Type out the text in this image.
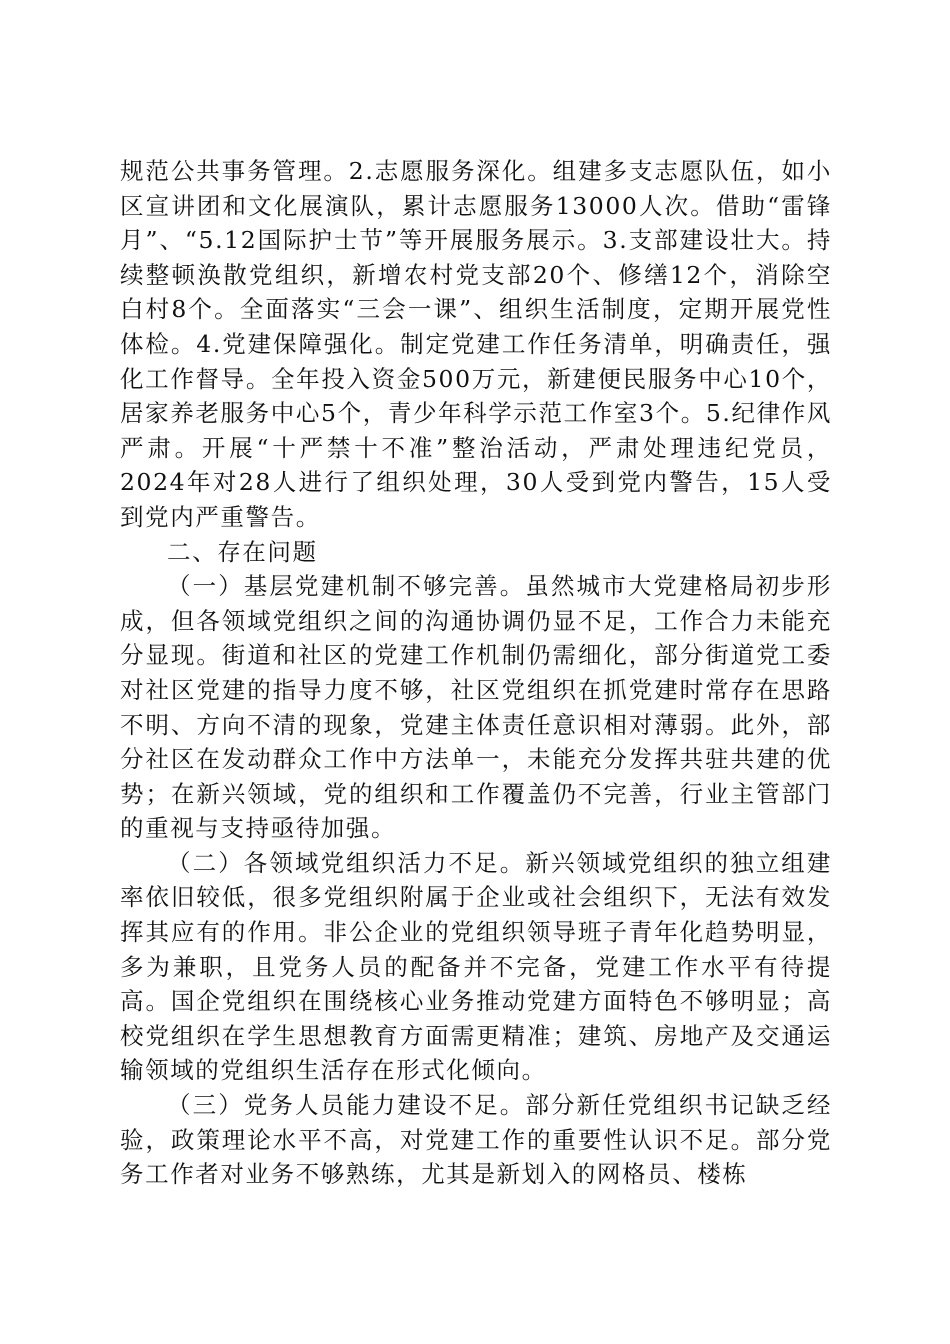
规范公共事务管理。2.志愿服务深化。组建多支志愿队伍，如小区宣讲团和文化展演队，累计志愿服务13000人次。借助“雷锋月”、“5.12国际护士节”等开展服务展示。3.支部建设壮大。持续整顿涣散党组织，新增农村党支部20个、修缮12个，消除空白村8个。全面落实“三会一课”、组织生活制度，定期开展党性体检。4.党建保障强化。制定党建工作任务清单，明确责任，强化工作督导。全年投入资金500万元，新建便民服务中心10个，居家养老服务中心5个，青少年科学示范工作室3个。5.纪律作风严肃。开展“十严禁十不准”整治活动，严肃处理违纪党员，2024年对28人进行了组织处理，30人受到党内警告，15人受到党内严重警告。

二、存在问题

（一）基层党建机制不够完善。虽然城市大党建格局初步形成，但各领域党组织之间的沟通协调仍显不足，工作合力未能充分显现。街道和社区的党建工作机制仍需细化，部分街道党工委对社区党建的指导力度不够，社区党组织在抓党建时常存在思路不明、方向不清的现象，党建主体责任意识相对薄弱。此外，部分社区在发动群众工作中方法单一，未能充分发挥共驻共建的优势；在新兴领域，党的组织和工作覆盖仍不完善，行业主管部门的重视与支持亟待加强。

（二）各领域党组织活力不足。新兴领域党组织的独立组建率依旧较低，很多党组织附属于企业或社会组织下，无法有效发挥其应有的作用。非公企业的党组织领导班子青年化趋势明显，多为兼职，且党务人员的配备并不完备，党建工作水平有待提高。国企党组织在围绕核心业务推动党建方面特色不够明显；高校党组织在学生思想教育方面需更精准；建筑、房地产及交通运输领域的党组织生活存在形式化倾向。

（三）党务人员能力建设不足。部分新任党组织书记缺乏经验，政策理论水平不高，对党建工作的重要性认识不足。部分党务工作者对业务不够熟练，尤其是新划入的网格员、楼栋
